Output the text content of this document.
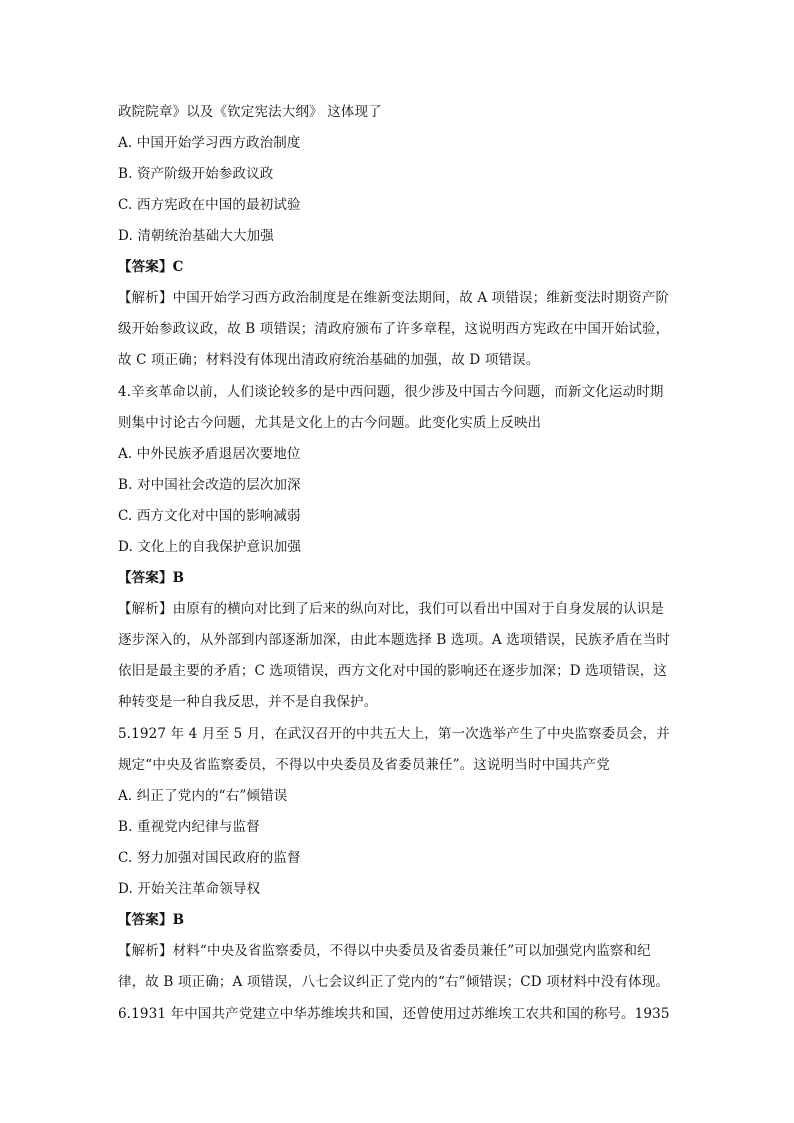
政院院章》以及《钦定宪法大纲》 这体现了
A. 中国开始学习西方政治制度
B. 资产阶级开始参政议政
C. 西方宪政在中国的最初试验
D. 清朝统治基础大大加强
【答案】C
【解析】中国开始学习西方政治制度是在维新变法期间，故 A 项错误；维新变法时期资产阶
级开始参政议政，故 B 项错误；清政府颁布了许多章程，这说明西方宪政在中国开始试验，
故 C 项正确；材料没有体现出清政府统治基础的加强，故 D 项错误。
4.辛亥革命以前，人们谈论较多的是中西问题，很少涉及中国古今问题，而新文化运动时期
则集中讨论古今问题，尤其是文化上的古今问题。此变化实质上反映出
A. 中外民族矛盾退居次要地位
B. 对中国社会改造的层次加深
C. 西方文化对中国的影响减弱
D. 文化上的自我保护意识加强
【答案】B
【解析】由原有的横向对比到了后来的纵向对比，我们可以看出中国对于自身发展的认识是
逐步深入的，从外部到内部逐渐加深，由此本题选择 B 选项。A 选项错误，民族矛盾在当时
依旧是最主要的矛盾；C 选项错误，西方文化对中国的影响还在逐步加深；D 选项错误，这
种转变是一种自我反思，并不是自我保护。
5.1927 年 4 月至 5 月，在武汉召开的中共五大上，第一次选举产生了中央监察委员会，并
规定“中央及省监察委员，不得以中央委员及省委员兼任”。这说明当时中国共产党
A. 纠正了党内的“右”倾错误
B. 重视党内纪律与监督
C. 努力加强对国民政府的监督
D. 开始关注革命领导权
【答案】B
【解析】材料“中央及省监察委员，不得以中央委员及省委员兼任”可以加强党内监察和纪
律，故 B 项正确；A 项错误，八七会议纠正了党内的“右”倾错误；CD 项材料中没有体现。
6.1931 年中国共产党建立中华苏维埃共和国，还曾使用过苏维埃工农共和国的称号。1935
